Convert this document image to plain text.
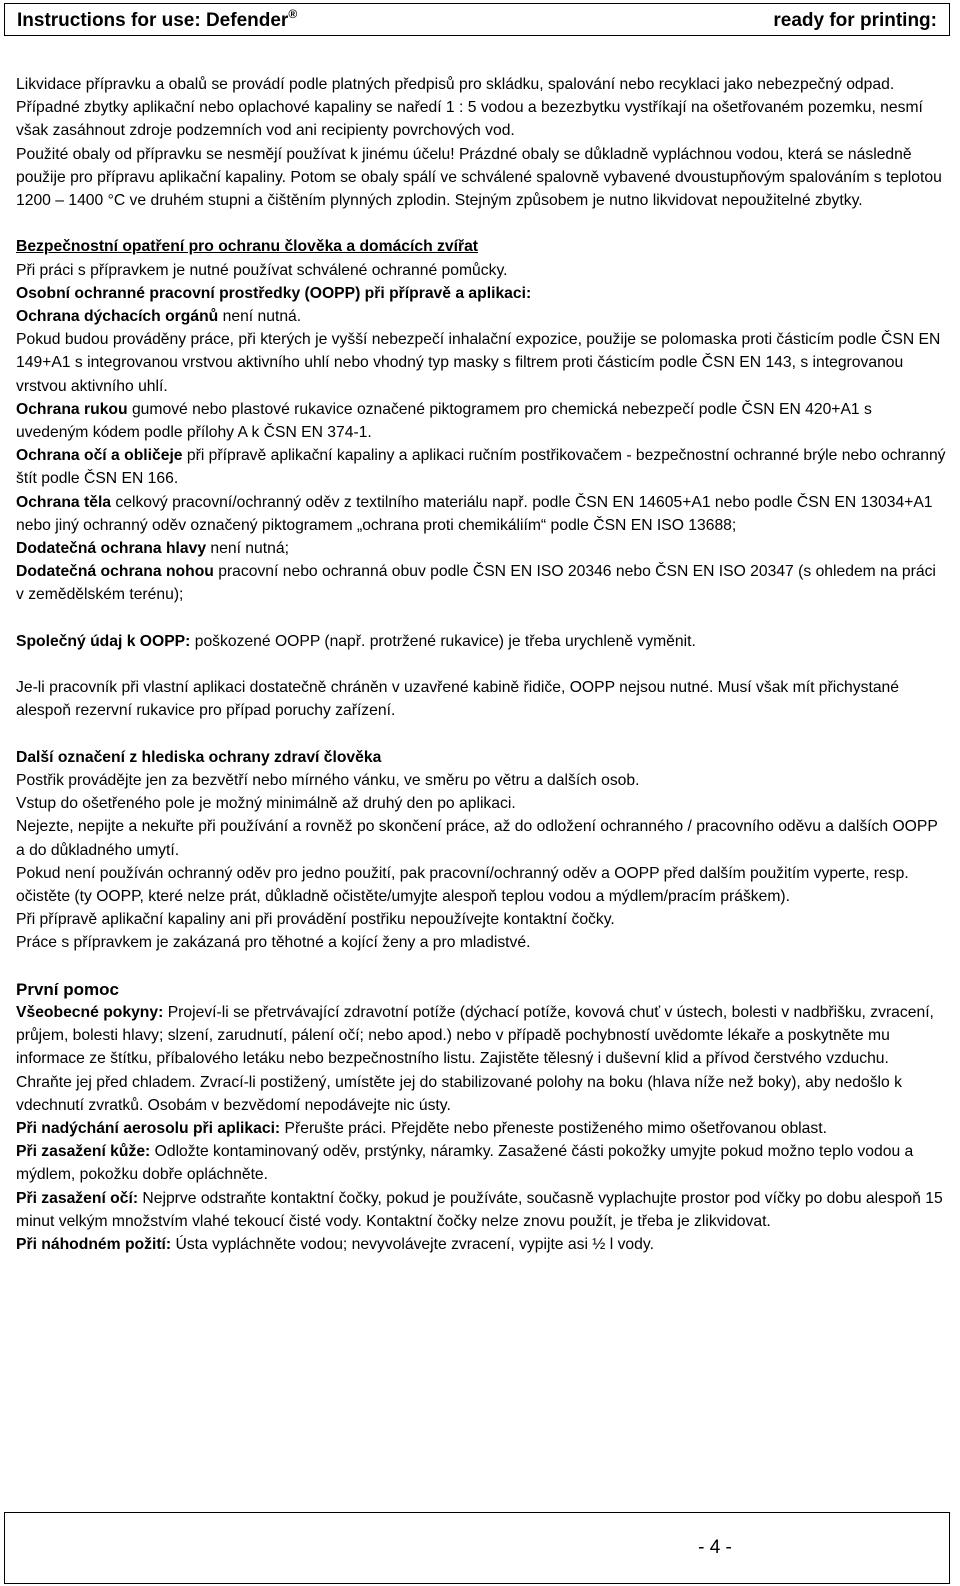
Instructions for use: Defender®	ready for printing:

Likvidace přípravku a obalů se provádí podle platných předpisů pro skládku, spalování nebo recyklaci jako nebezpečný odpad.

Případné zbytky aplikační nebo oplachové kapaliny se naředí 1 : 5 vodou a bezezbytku vystříkají na ošetřovaném pozemku, nesmí však zasáhnout zdroje podzemních vod ani recipienty povrchových vod.

Použité obaly od přípravku se nesmějí používat k jinému účelu! Prázdné obaly se důkladně vypláchnou vodou, která se následně použije pro přípravu aplikační kapaliny. Potom se obaly spálí ve schválené spalovně vybavené dvoustupňovým spalováním s teplotou 1200 – 1400 °C ve druhém stupni a čištěním plynných zplodin. Stejným způsobem je nutno likvidovat nepoužitelné zbytky.

Bezpečnostní opatření pro ochranu člověka a domácích zvířat

Při práci s přípravkem je nutné používat schválené ochranné pomůcky.

Osobní ochranné pracovní prostředky (OOPP) při přípravě a aplikaci:

Ochrana dýchacích orgánů není nutná.

Pokud budou prováděny práce, při kterých je vyšší nebezpečí inhalační expozice, použije se polomaska proti částicím podle ČSN EN 149+A1 s integrovanou vrstvou aktivního uhlí nebo vhodný typ masky s filtrem proti částicím podle ČSN EN 143, s integrovanou vrstvou aktivního uhlí.

Ochrana rukou gumové nebo plastové rukavice označené piktogramem pro chemická nebezpečí podle ČSN EN 420+A1 s uvedeným kódem podle přílohy A k ČSN EN 374-1.

Ochrana očí a obličeje při přípravě aplikační kapaliny a aplikaci ručním postřikovačem - bezpečnostní ochranné brýle nebo ochranný štít podle ČSN EN 166.

Ochrana těla celkový pracovní/ochranný oděv z textilního materiálu např. podle ČSN EN 14605+A1 nebo podle ČSN EN 13034+A1 nebo jiný ochranný oděv označený piktogramem „ochrana proti chemikáliím“ podle ČSN EN ISO 13688;

Dodatečná ochrana hlavy není nutná;

Dodatečná ochrana nohou pracovní nebo ochranná obuv podle ČSN EN ISO 20346 nebo ČSN EN ISO 20347 (s ohledem na práci v zemědělském terénu);

Společný údaj k OOPP: poškozené OOPP (např. protržené rukavice) je třeba urychleně vyměnit.

Je-li pracovník při vlastní aplikaci dostatečně chráněn v uzavřené kabině řidiče, OOPP nejsou nutné. Musí však mít přichystané alespoň rezervní rukavice pro případ poruchy zařízení.

Další označení z hlediska ochrany zdraví člověka

Postřik provádějte jen za bezvětří nebo mírného vánku, ve směru po větru a dalších osob.

Vstup do ošetřeného pole je možný minimálně až druhý den po aplikaci.

Nejezte, nepijte a nekuřte při používání a rovněž po skončení práce, až do odložení ochranného / pracovního oděvu a dalších OOPP a do důkladného umytí.

Pokud není používán ochranný oděv pro jedno použití, pak pracovní/ochranný oděv a OOPP před dalším použitím vyperte, resp. očistěte (ty OOPP, které nelze prát, důkladně očistěte/umyjte alespoň teplou vodou a mýdlem/pracím práškem).

Při přípravě aplikační kapaliny ani při provádění postřiku nepoužívejte kontaktní čočky.

Práce s přípravkem je zakázaná pro těhotné a kojící ženy a pro mladistvé.

První pomoc

Všeobecné pokyny: Projeví-li se přetrvávající zdravotní potíže (dýchací potíže, kovová chuť v ústech, bolesti v nadbřišku, zvracení, průjem, bolesti hlavy; slzení, zarudnutí, pálení očí; nebo apod.) nebo v případě pochybností uvědomte lékaře a poskytněte mu informace ze štítku, příbalového letáku nebo bezpečnostního listu. Zajistěte tělesný i duševní klid a přívod čerstvého vzduchu. Chraňte jej před chladem. Zvrací-li postižený, umístěte jej do stabilizované polohy na boku (hlava níže než boky), aby nedošlo k vdechnutí zvratků. Osobám v bezvědomí nepodávejte nic ústy.

Při nadýchání aerosolu při aplikaci: Přerušte práci. Přejděte nebo přeneste postiženého mimo ošetřovanou oblast.

Při zasažení kůže: Odložte kontaminovaný oděv, prstýnky, náramky. Zasažené části pokožky umyjte pokud možno teplo vodou a mýdlem, pokožku dobře opláchněte.

Při zasažení očí: Nejprve odstraňte kontaktní čočky, pokud je používáte, současně vyplachujte prostor pod víčky po dobu alespoň 15 minut velkým množstvím vlahé tekoucí čisté vody. Kontaktní čočky nelze znovu použít, je třeba je zlikvidovat.

Při náhodném požití: Ústa vypláchněte vodou; nevyvolávejte zvracení, vypijte asi ½ l vody.

- 4 -
